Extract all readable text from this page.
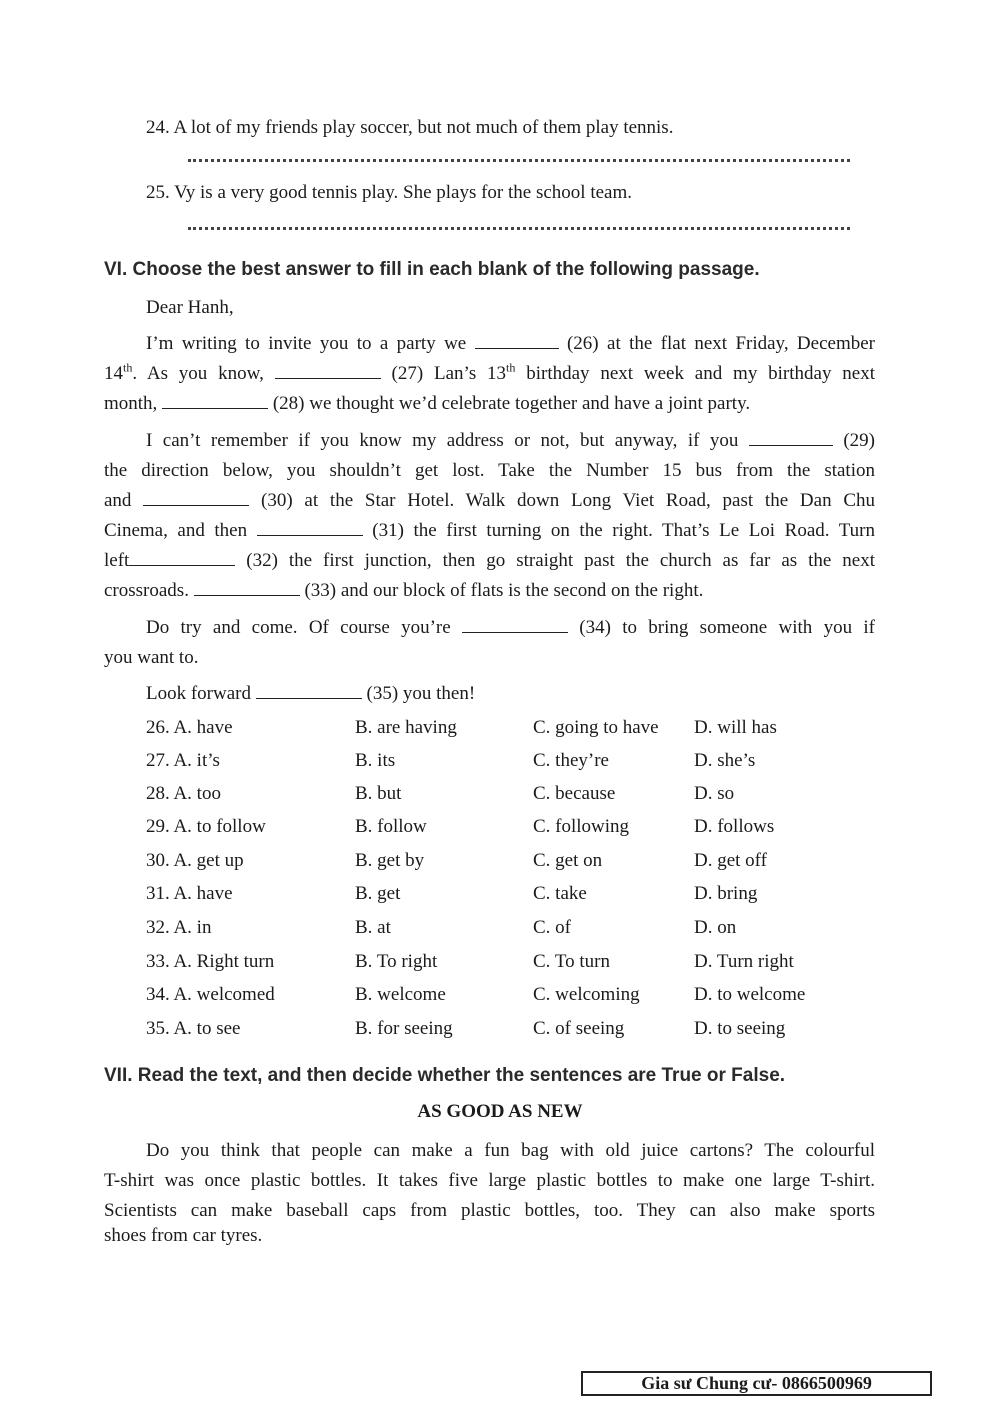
24. A lot of my friends play soccer, but not much of them play tennis.
25. Vy is a very good tennis play. She plays for the school team.
VI. Choose the best answer to fill in each blank of the following passage.
Dear Hanh,
I’m writing to invite you to a party we	(26) at the flat next Friday, December
14th. As you know,	(27) Lan’s 13th birthday next week and my birthday next
month,	(28) we thought we’d celebrate together and have a joint party.
I can’t remember if you know my address or not, but anyway, if you	(29)
the direction below, you shouldn’t get lost. Take the Number 15 bus from the station
and	(30) at the Star Hotel. Walk down Long Viet Road, past the Dan Chu
Cinema, and then	(31) the first turning on the right. That’s Le Loi Road. Turn
left	(32) the first junction, then go straight past the church as far as the next
crossroads.	(33) and our block of flats is the second on the right.
Do try and come. Of course you’re	(34) to bring someone with you if
you want to.
Look forward	(35) you then!
26. A. have	B. are having	C. going to have D. will has
27. A. it’s	B. its	C. they’re	D. she’s
28. A. too	B. but	C. because	D. so
29. A. to follow	B. follow	C. following	D. follows
30. A. get up	B. get by	C. get on	D. get off
31. A. have	B. get	C. take	D. bring
32. A. in	B. at	C. of	D. on
33. A. Right turn	B. To right	C. To turn	D. Turn right
34. A. welcomed	B. welcome	C. welcoming	D. to welcome
35. A. to see	B. for seeing	C. of seeing	D. to seeing
VII. Read the text, and then decide whether the sentences are True or False.
AS GOOD AS NEW
Do you think that people can make a fun bag with old juice cartons? The colourful
T-shirt was once plastic bottles. It takes five large plastic bottles to make one large T-shirt.
Scientists can make baseball caps from plastic bottles, too. They can also make sports
shoes from car tyres.
Gia sư Chung cư- 0866500969
